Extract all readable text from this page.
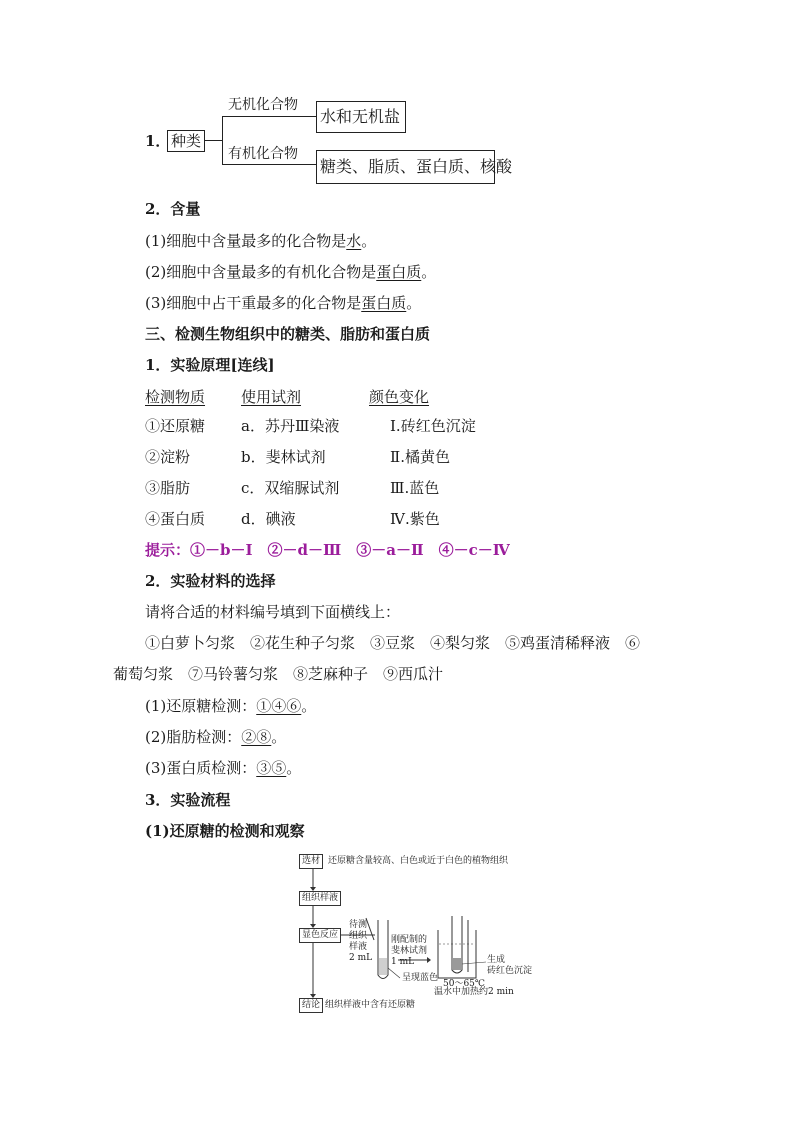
1． 种类
无机化合物
有机化合物
水和无机盐
糖类、脂质、蛋白质、核酸
2．含量
(1)细胞中含量最多的化合物是水。
(2)细胞中含量最多的有机化合物是蛋白质。
(3)细胞中占干重最多的化合物是蛋白质。
三、检测生物组织中的糖类、脂肪和蛋白质
1．实验原理[连线]
检测物质 使用试剂	颜色变化
①还原糖 a．苏丹Ⅲ染液	Ⅰ.砖红色沉淀
②淀粉	b．斐林试剂	Ⅱ.橘黄色
③脂肪	c．双缩脲试剂	Ⅲ.蓝色
④蛋白质 d．碘液	Ⅳ.紫色
提示：①－b－Ⅰ　②－d－Ⅲ　③－a－Ⅱ　④－c－Ⅳ
2．实验材料的选择
请将合适的材料编号填到下面横线上：
①白萝卜匀浆　②花生种子匀浆　③豆浆　④梨匀浆　⑤鸡蛋清稀释液　⑥
葡萄匀浆　⑦马铃薯匀浆　⑧芝麻种子　⑨西瓜汁
(1)还原糖检测：①④⑥。
(2)脂肪检测：②⑧。
(3)蛋白质检测：③⑤。
3．实验流程
(1)还原糖的检测和观察
选材 还原糖含量较高、白色或近于白色的植物组织
组织样液
显色反应
结论 组织样液中含有还原糖
待测
组织
样液
2 mL
刚配制的
斐林试剂
1 mL
呈现蓝色
生成
砖红色沉淀
50～65℃
温水中加热约2 min
